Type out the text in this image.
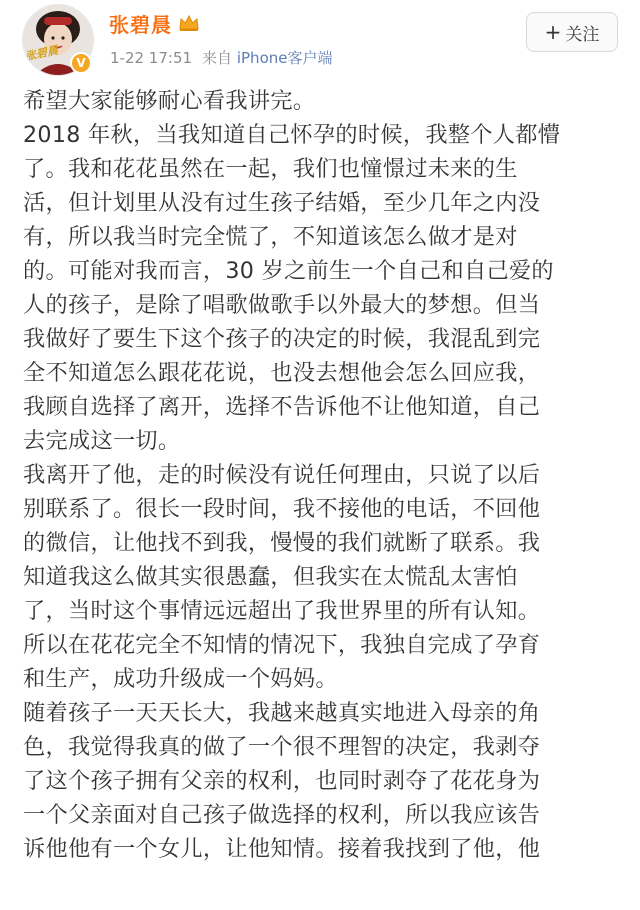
张碧晨	V
张碧晨
1-22 17:51 来自 iPhone客户端
+ 关注
希望大家能够耐心看我讲完。
2018 年秋，当我知道自己怀孕的时候，我整个人都懵
了。我和花花虽然在一起，我们也憧憬过未来的生
活，但计划里从没有过生孩子结婚，至少几年之内没
有，所以我当时完全慌了，不知道该怎么做才是对
的。可能对我而言，30 岁之前生一个自己和自己爱的
人的孩子，是除了唱歌做歌手以外最大的梦想。但当
我做好了要生下这个孩子的决定的时候，我混乱到完
全不知道怎么跟花花说，也没去想他会怎么回应我，
我顾自选择了离开，选择不告诉他不让他知道，自己
去完成这一切。
我离开了他，走的时候没有说任何理由，只说了以后
别联系了。很长一段时间，我不接他的电话，不回他
的微信，让他找不到我，慢慢的我们就断了联系。我
知道我这么做其实很愚蠢，但我实在太慌乱太害怕
了，当时这个事情远远超出了我世界里的所有认知。
所以在花花完全不知情的情况下，我独自完成了孕育
和生产，成功升级成一个妈妈。
随着孩子一天天长大，我越来越真实地进入母亲的角
色，我觉得我真的做了一个很不理智的决定，我剥夺
了这个孩子拥有父亲的权利，也同时剥夺了花花身为
一个父亲面对自己孩子做选择的权利，所以我应该告
诉他他有一个女儿，让他知情。接着我找到了他，他
